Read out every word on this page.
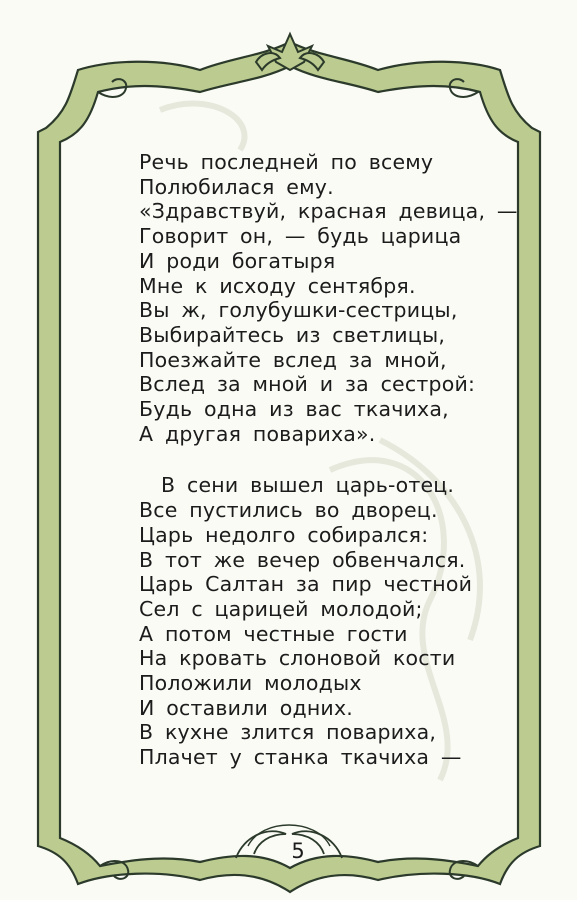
Речь последней по всему
Полюбилася ему.
«Здравствуй, красная девица, —
Говорит он, — будь царица
И роди богатыря
Мне к исходу сентября.
Вы ж, голубушки-сестрицы,
Выбирайтесь из светлицы,
Поезжайте вслед за мной,
Вслед за мной и за сестрой:
Будь одна из вас ткачиха,
А другая повариха».
В сени вышел царь-отец.
Все пустились во дворец.
Царь недолго собирался:
В тот же вечер обвенчался.
Царь Салтан за пир честной
Сел с царицей молодой;
А потом честные гости
На кровать слоновой кости
Положили молодых
И оставили одних.
В кухне злится повариха,
Плачет у станка ткачиха —
5
